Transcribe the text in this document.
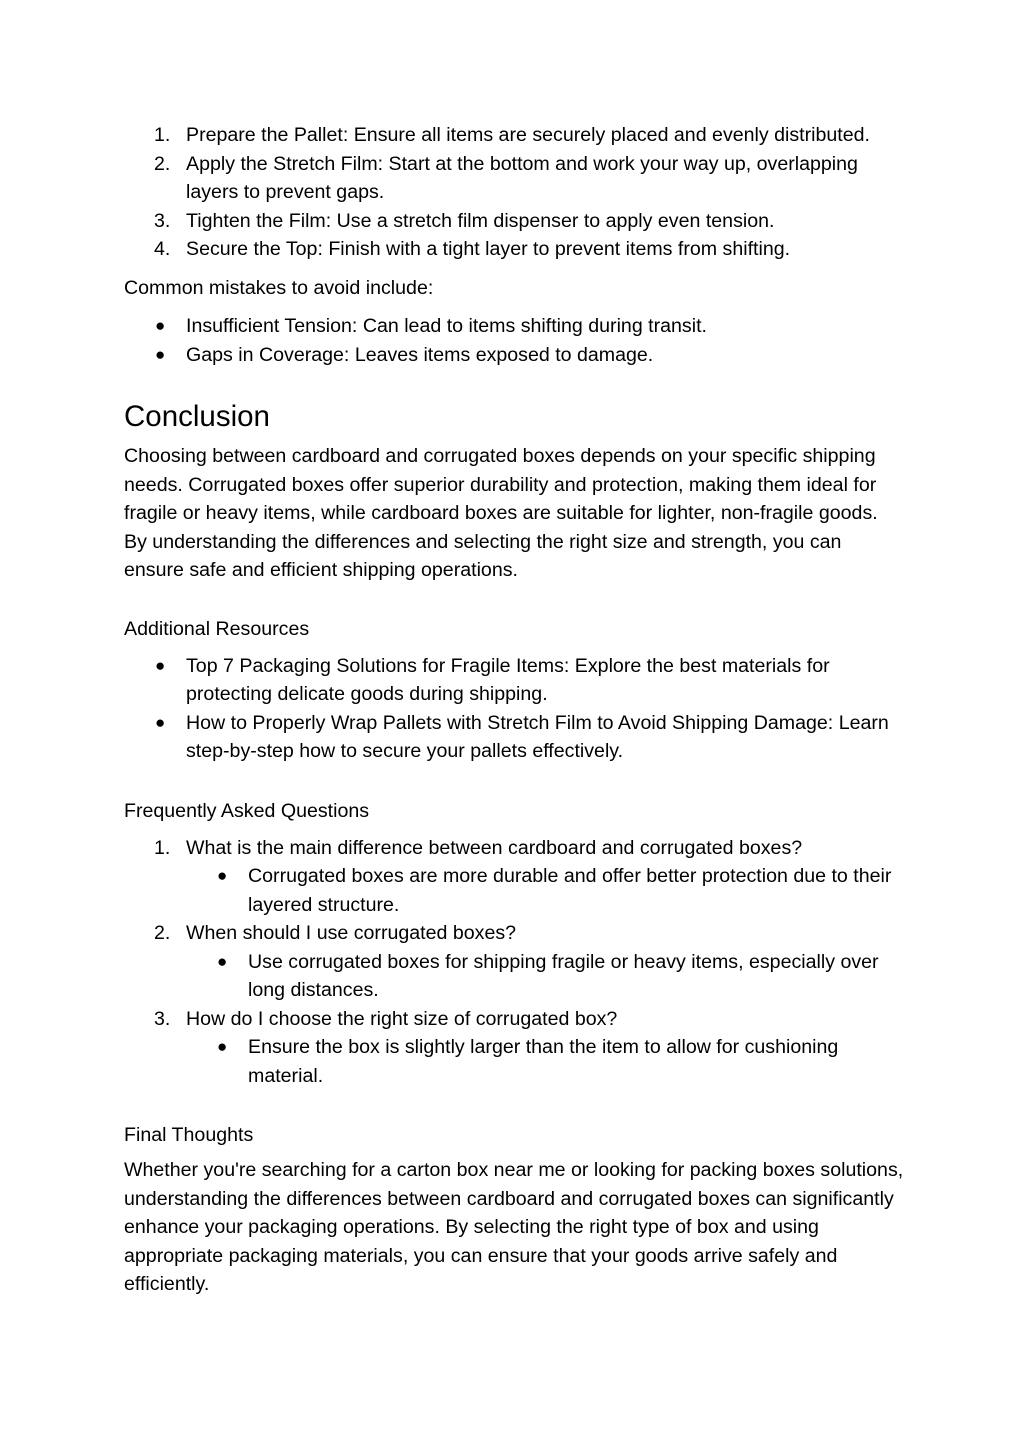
1. Prepare the Pallet: Ensure all items are securely placed and evenly distributed.
2. Apply the Stretch Film: Start at the bottom and work your way up, overlapping layers to prevent gaps.
3. Tighten the Film: Use a stretch film dispenser to apply even tension.
4. Secure the Top: Finish with a tight layer to prevent items from shifting.

Common mistakes to avoid include:

● Insufficient Tension: Can lead to items shifting during transit.
● Gaps in Coverage: Leaves items exposed to damage.
Conclusion

Choosing between cardboard and corrugated boxes depends on your specific shipping needs. Corrugated boxes offer superior durability and protection, making them ideal for fragile or heavy items, while cardboard boxes are suitable for lighter, non-fragile goods. By understanding the differences and selecting the right size and strength, you can ensure safe and efficient shipping operations.

Additional Resources
● Top 7 Packaging Solutions for Fragile Items: Explore the best materials for protecting delicate goods during shipping.
● How to Properly Wrap Pallets with Stretch Film to Avoid Shipping Damage: Learn step-by-step how to secure your pallets effectively.
Frequently Asked Questions
1. What is the main difference between cardboard and corrugated boxes?
● Corrugated boxes are more durable and offer better protection due to their layered structure.
2. When should I use corrugated boxes?
● Use corrugated boxes for shipping fragile or heavy items, especially over long distances.
3. How do I choose the right size of corrugated box?
● Ensure the box is slightly larger than the item to allow for cushioning material.
Final Thoughts

Whether you're searching for a carton box near me or looking for packing boxes solutions, understanding the differences between cardboard and corrugated boxes can significantly enhance your packaging operations. By selecting the right type of box and using appropriate packaging materials, you can ensure that your goods arrive safely and efficiently.
